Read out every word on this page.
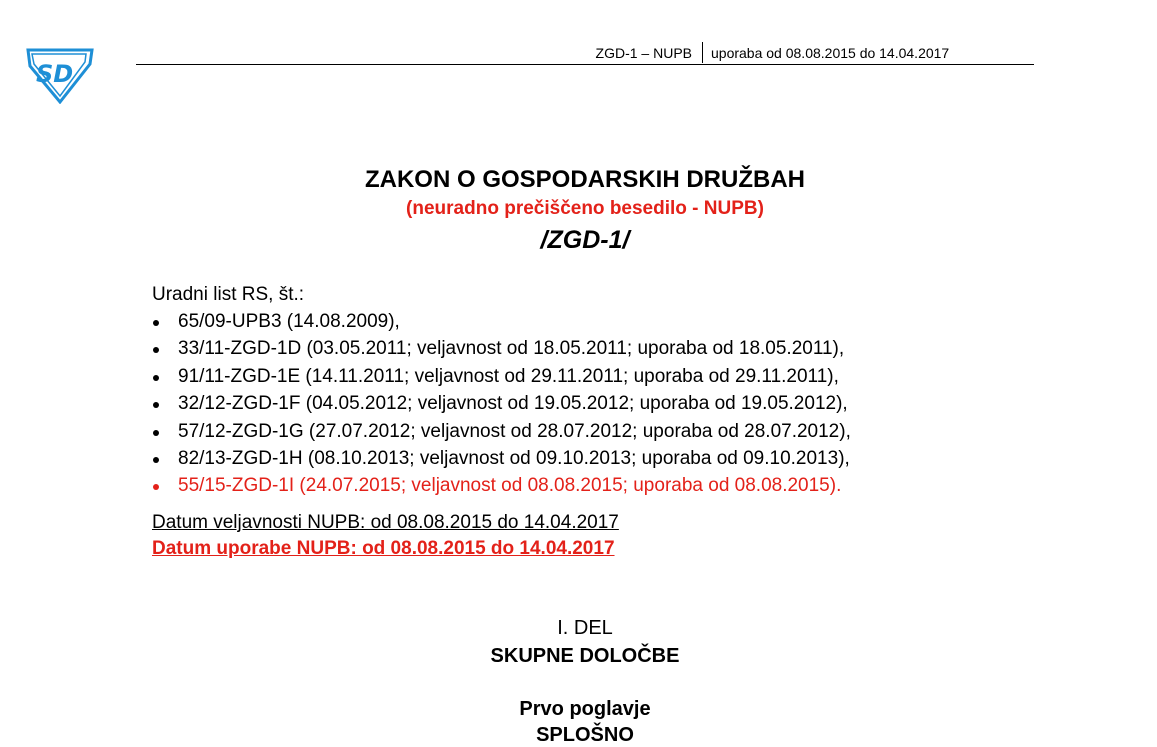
SD
ZGD-1 – NUPB uporaba od 08.08.2015 do 14.04.2017
ZAKON O GOSPODARSKIH DRUŽBAH
(neuradno prečiščeno besedilo - NUPB)
/ZGD-1/
Uradni list RS, št.:
65/09-UPB3 (14.08.2009),
33/11-ZGD-1D (03.05.2011; veljavnost od 18.05.2011; uporaba od 18.05.2011),
91/11-ZGD-1E (14.11.2011; veljavnost od 29.11.2011; uporaba od 29.11.2011),
32/12-ZGD-1F (04.05.2012; veljavnost od 19.05.2012; uporaba od 19.05.2012),
57/12-ZGD-1G (27.07.2012; veljavnost od 28.07.2012; uporaba od 28.07.2012),
82/13-ZGD-1H (08.10.2013; veljavnost od 09.10.2013; uporaba od 09.10.2013),
55/15-ZGD-1I (24.07.2015; veljavnost od 08.08.2015; uporaba od 08.08.2015).
Datum veljavnosti NUPB: od 08.08.2015 do 14.04.2017
Datum uporabe NUPB: od 08.08.2015 do 14.04.2017
I. DEL
SKUPNE DOLOČBE
Prvo poglavje
SPLOŠNO
